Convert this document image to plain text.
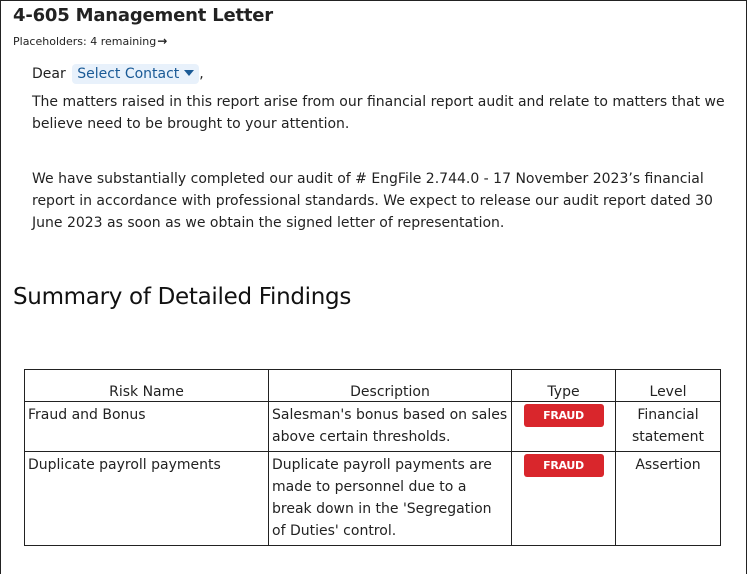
4-605 Management Letter
Placeholders: 4 remaining→
Dear Select Contact ,
The matters raised in this report arise from our financial report audit and relate to matters that we believe need to be brought to your attention.
We have substantially completed our audit of # EngFile 2.744.0 - 17 November 2023’s financial report in accordance with professional standards. We expect to release our audit report dated 30 June 2023 as soon as we obtain the signed letter of representation.
Summary of Detailed Findings
Risk Name	Description	Type	Level
Fraud and Bonus	Salesman's bonus based on sales above certain thresholds.	FRAUD	Financial statement
Duplicate payroll payments	Duplicate payroll payments are made to personnel due to a break down in the 'Segregation of Duties' control.	FRAUD	Assertion
